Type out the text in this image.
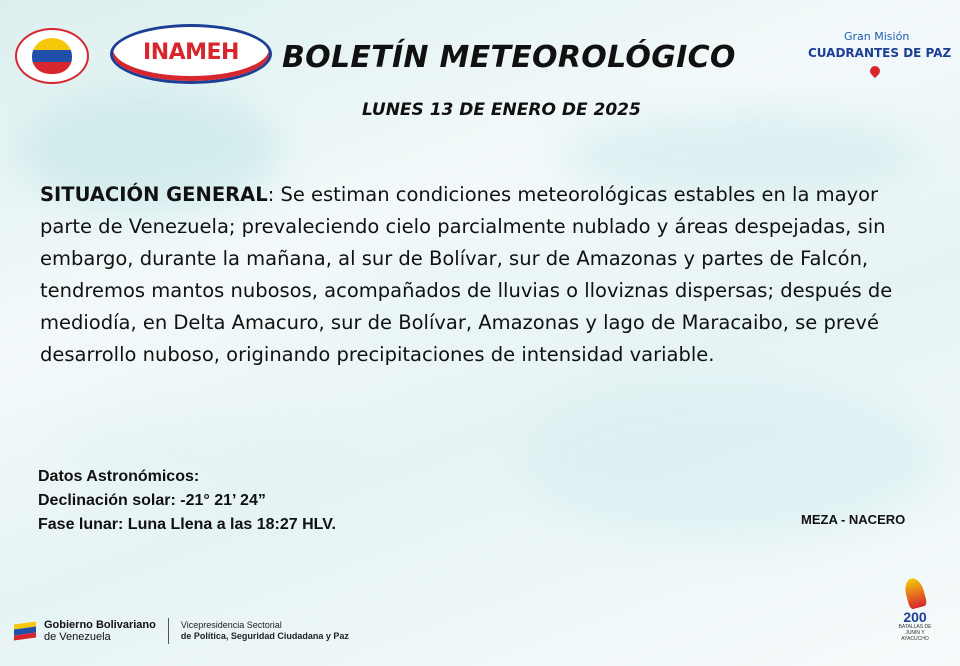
INAMEH BOLETÍN METEOROLÓGICO
LUNES 13 DE ENERO DE 2025
Gran Misión
CUADRANTES DE PAZ

SITUACIÓN GENERAL: Se estiman condiciones meteorológicas estables en la mayor parte de Venezuela; prevaleciendo cielo parcialmente nublado y áreas despejadas, sin embargo, durante la mañana, al sur de Bolívar, sur de Amazonas y partes de Falcón, tendremos mantos nubosos, acompañados de lluvias o lloviznas dispersas; después de mediodía, en Delta Amacuro, sur de Bolívar, Amazonas y lago de Maracaibo, se prevé desarrollo nuboso, originando precipitaciones de intensidad variable.

Datos Astronómicos:
Declinación solar: -21° 21’ 24”
Fase lunar: Luna Llena a las 18:27 HLV.	MEZA - NACERO
Gobierno Bolivariano
de Venezuela
Vicepresidencia Sectorial
de Política, Seguridad Ciudadana y Paz
200
BATALLAS DE JUNÍN Y AYACUCHO
